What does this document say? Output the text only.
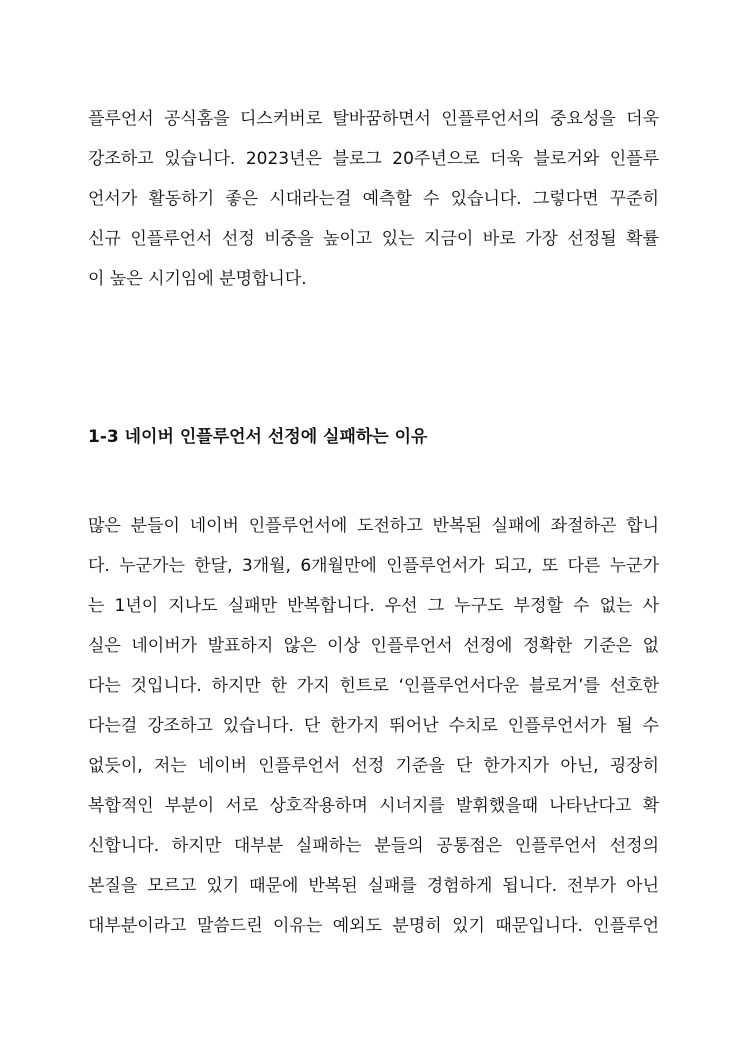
플루언서 공식홈을 디스커버로 탈바꿈하면서 인플루언서의 중요성을 더욱
강조하고 있습니다. 2023년은 블로그 20주년으로 더욱 블로거와 인플루
언서가 활동하기 좋은 시대라는걸 예측할 수 있습니다. 그렇다면 꾸준히
신규 인플루언서 선정 비중을 높이고 있는 지금이 바로 가장 선정될 확률
이 높은 시기임에 분명합니다.
1-3 네이버 인플루언서 선정에 실패하는 이유
많은 분들이 네이버 인플루언서에 도전하고 반복된 실패에 좌절하곤 합니
다. 누군가는 한달, 3개월, 6개월만에 인플루언서가 되고, 또 다른 누군가
는 1년이 지나도 실패만 반복합니다. 우선 그 누구도 부정할 수 없는 사
실은 네이버가 발표하지 않은 이상 인플루언서 선정에 정확한 기준은 없
다는 것입니다. 하지만 한 가지 힌트로 ‘인플루언서다운 블로거’를 선호한
다는걸 강조하고 있습니다. 단 한가지 뛰어난 수치로 인플루언서가 될 수
없듯이, 저는 네이버 인플루언서 선정 기준을 단 한가지가 아닌, 굉장히
복합적인 부분이 서로 상호작용하며 시너지를 발휘했을때 나타난다고 확
신합니다. 하지만 대부분 실패하는 분들의 공통점은 인플루언서 선정의
본질을 모르고 있기 때문에 반복된 실패를 경험하게 됩니다. 전부가 아닌
대부분이라고 말씀드린 이유는 예외도 분명히 있기 때문입니다. 인플루언
